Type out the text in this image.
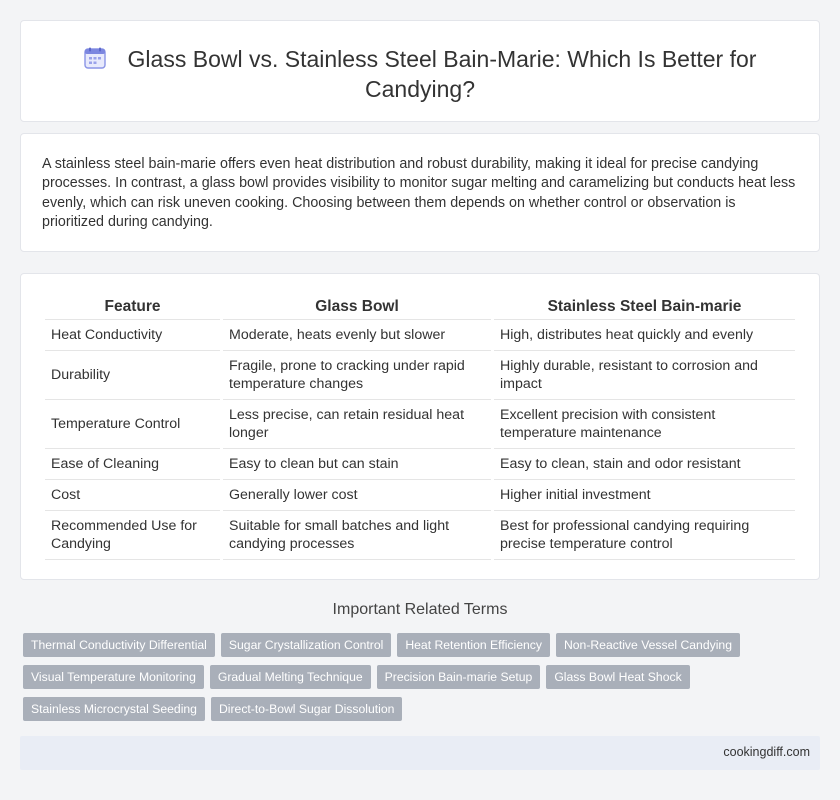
Glass Bowl vs. Stainless Steel Bain-Marie: Which Is Better for Candying?

A stainless steel bain-marie offers even heat distribution and robust durability, making it ideal for precise candying processes. In contrast, a glass bowl provides visibility to monitor sugar melting and caramelizing but conducts heat less evenly, which can risk uneven cooking. Choosing between them depends on whether control or observation is prioritized during candying.

Feature	Glass Bowl	Stainless Steel Bain-marie
Heat Conductivity	Moderate, heats evenly but slower	High, distributes heat quickly and evenly
Durability	Fragile, prone to cracking under rapid temperature changes	Highly durable, resistant to corrosion and impact
Temperature Control	Less precise, can retain residual heat longer	Excellent precision with consistent temperature maintenance
Ease of Cleaning	Easy to clean but can stain	Easy to clean, stain and odor resistant
Cost	Generally lower cost	Higher initial investment
Recommended Use for Candying	Suitable for small batches and light candying processes	Best for professional candying requiring precise temperature control
Important Related Terms
Thermal Conductivity Differential Sugar Crystallization Control Heat Retention Efficiency Non-Reactive Vessel Candying
Visual Temperature Monitoring Gradual Melting Technique Precision Bain-marie Setup Glass Bowl Heat Shock
Stainless Microcrystal Seeding Direct-to-Bowl Sugar Dissolution
cookingdiff.com
